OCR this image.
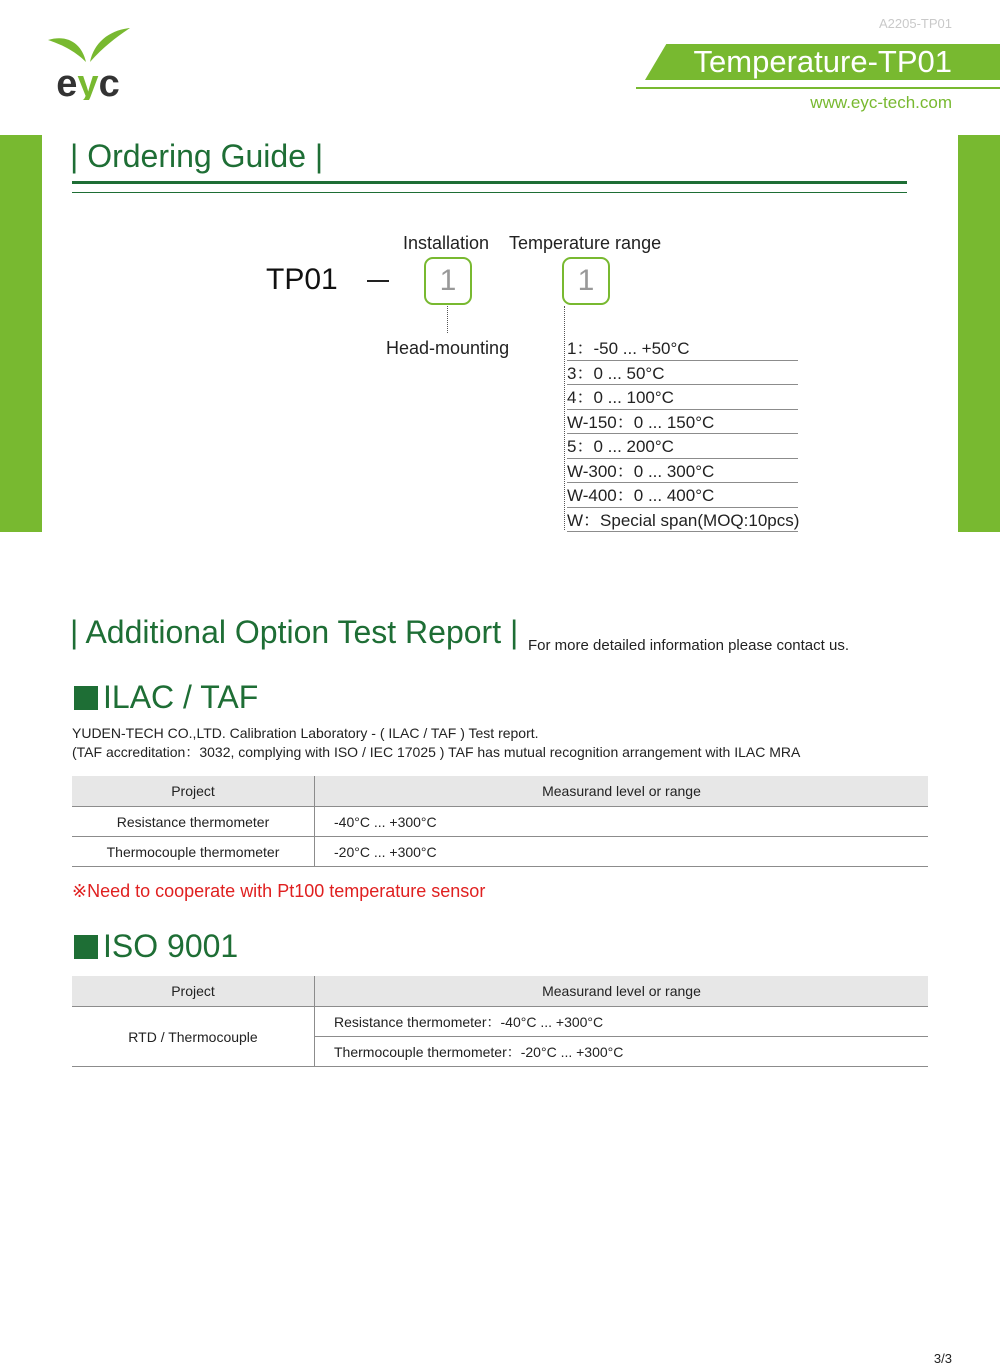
eyc
A2205-TP01
Temperature-TP01
www.eyc-tech.com
| Ordering Guide |
Installation Temperature range
TP01	1	1
Head-mounting	1：-50 ... +50°C
3：0 ... 50°C
4：0 ... 100°C
W-150：0 ... 150°C
5：0 ... 200°C
W-300：0 ... 300°C
W-400：0 ... 400°C
W：Special span(MOQ:10pcs)
| Additional Option Test Report | For more detailed information please contact us.
ILAC / TAF
YUDEN-TECH CO.,LTD. Calibration Laboratory - ( ILAC / TAF ) Test report.
(TAF accreditation：3032, complying with ISO / IEC 17025 ) TAF has mutual recognition arrangement with ILAC MRA
Project	Measurand level or range
Resistance thermometer	-40°C ... +300°C
Thermocouple thermometer	-20°C ... +300°C
※Need to cooperate with Pt100 temperature sensor
ISO 9001
Project	Measurand level or range
RTD / Thermocouple	Resistance thermometer：-40°C ... +300°C
	Thermocouple thermometer：-20°C ... +300°C
3/3
